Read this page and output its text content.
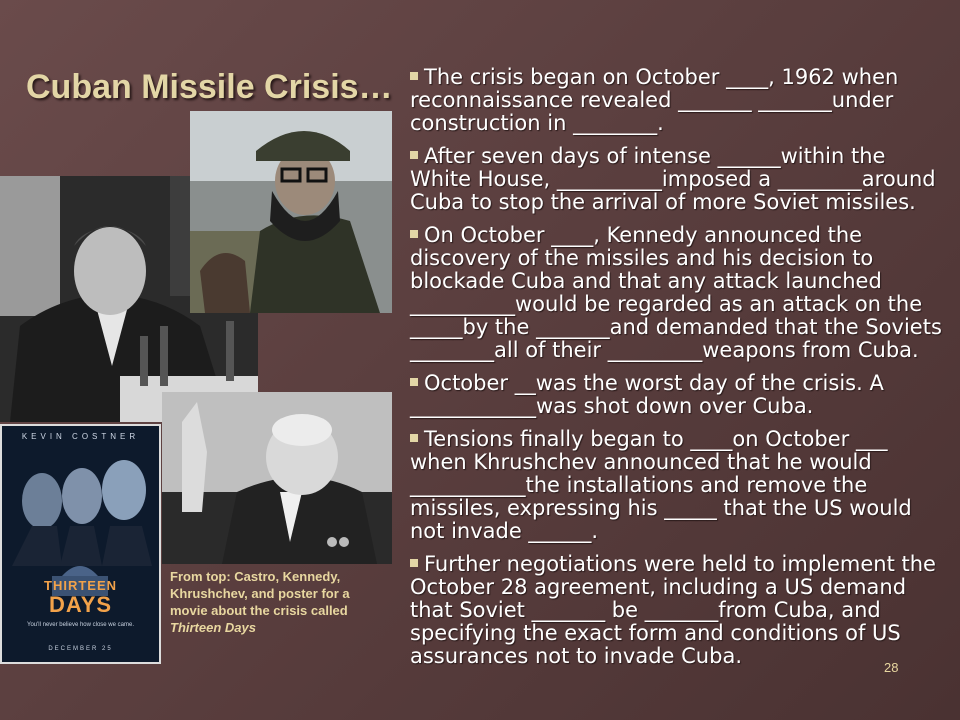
Cuban Missile Crisis…
KEVIN COSTNER
THIRTEEN
DAYS
You'll never believe how close we came.
DECEMBER 25
From top: Castro, Kennedy, Khrushchev, and poster for a movie about the crisis called Thirteen Days
The crisis began on October ____, 1962 when reconnaissance revealed _______ _______under construction in ________.
After seven days of intense ______within the White House, __________imposed a ________around Cuba to stop the arrival of more Soviet missiles.
On October ____, Kennedy announced the discovery of the missiles and his decision to blockade Cuba and that any attack launched __________would be regarded as an attack on the _____by the _______and demanded that the Soviets ________all of their _________weapons from Cuba.
October __was the worst day of the crisis. A ____________was shot down over Cuba.
Tensions finally began to ____on October ___ when Khrushchev announced that he would ___________the installations and remove the missiles, expressing his _____ that the US would not invade ______.
Further negotiations were held to implement the October 28 agreement, including a US demand that Soviet _______ be _______from Cuba, and specifying the exact form and conditions of US assurances not to invade Cuba.	28
